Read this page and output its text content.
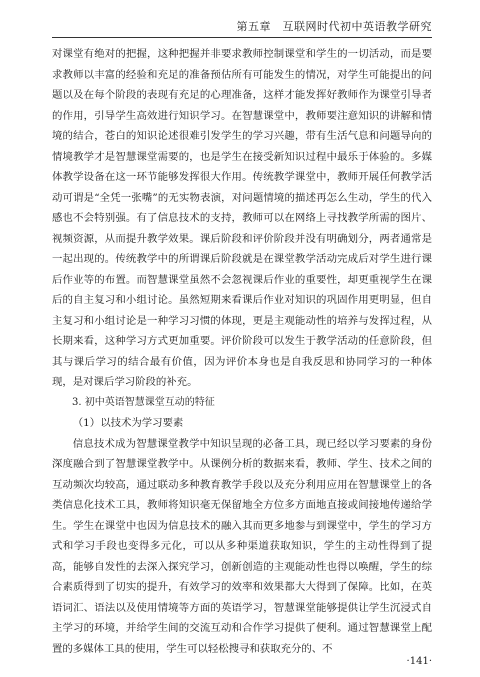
第五章　互联网时代初中英语教学研究

对课堂有绝对的把握，这种把握并非要求教师控制课堂和学生的一切活动，而是要求教师以丰富的经验和充足的准备预估所有可能发生的情况，对学生可能提出的问题以及在每个阶段的表现有充足的心理准备，这样才能发挥好教师作为课堂引导者的作用，引导学生高效进行知识学习。在智慧课堂中，教师要注意知识的讲解和情境的结合，苍白的知识论述很难引发学生的学习兴趣，带有生活气息和问题导向的情境教学才是智慧课堂需要的，也是学生在接受新知识过程中最乐于体验的。多媒体教学设备在这一环节能够发挥很大作用。传统教学课堂中，教师开展任何教学活动可谓是“全凭一张嘴”的无实物表演，对问题情境的描述再怎么生动，学生的代入感也不会特别强。有了信息技术的支持，教师可以在网络上寻找教学所需的图片、视频资源，从而提升教学效果。课后阶段和评价阶段并没有明确划分，两者通常是一起出现的。传统教学中的所谓课后阶段就是在课堂教学活动完成后对学生进行课后作业等的布置。而智慧课堂虽然不会忽视课后作业的重要性，却更重视学生在课后的自主复习和小组讨论。虽然短期来看课后作业对知识的巩固作用更明显，但自主复习和小组讨论是一种学习习惯的体现，更是主观能动性的培养与发挥过程，从长期来看，这种学习方式更加重要。评价阶段可以发生于教学活动的任意阶段，但其与课后学习的结合最有价值，因为评价本身也是自我反思和协同学习的一种体现，是对课后学习阶段的补充。

3. 初中英语智慧课堂互动的特征

（1）以技术为学习要素

信息技术成为智慧课堂教学中知识呈现的必备工具，现已经以学习要素的身份深度融合到了智慧课堂教学中。从课例分析的数据来看，教师、学生、技术之间的互动频次均较高，通过联动多种教育教学手段以及充分利用应用在智慧课堂上的各类信息化技术工具，教师将知识毫无保留地全方位多方面地直接或间接地传递给学生。学生在课堂中也因为信息技术的融入其而更多地参与到课堂中，学生的学习方式和学习手段也变得多元化，可以从多种渠道获取知识，学生的主动性得到了提高，能够自发性的去深入探究学习，创新创造的主观能动性也得以唤醒，学生的综合素质得到了切实的提升，有效学习的效率和效果都大大得到了保障。比如，在英语词汇、语法以及使用情境等方面的英语学习，智慧课堂能够提供让学生沉浸式自主学习的环境，并给学生间的交流互动和合作学习提供了便利。通过智慧课堂上配置的多媒体工具的使用，学生可以轻松搜寻和获取充分的、不

·141·
